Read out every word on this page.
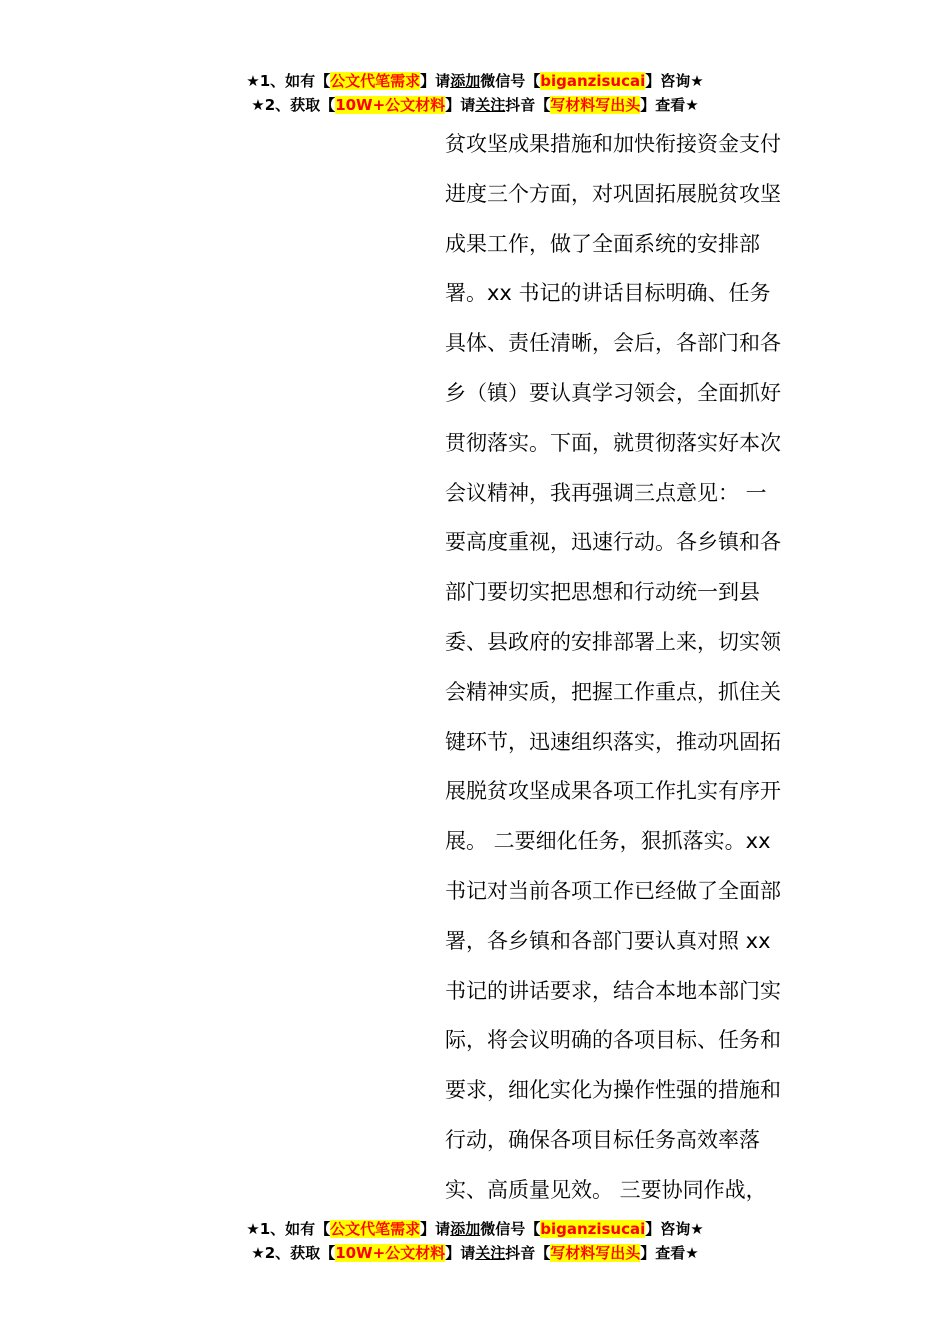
★1、如有【公文代笔需求】请添加微信号【biganzisucai】咨询★
★2、获取【10W+公文材料】请关注抖音【写材料写出头】查看★
贫攻坚成果措施和加快衔接资金支付
进度三个方面，对巩固拓展脱贫攻坚
成果工作，做了全面系统的安排部
署。xx 书记的讲话目标明确、任务
具体、责任清晰，会后，各部门和各
乡（镇）要认真学习领会，全面抓好
贯彻落实。下面，就贯彻落实好本次
会议精神，我再强调三点意见： 一
要高度重视，迅速行动。各乡镇和各
部门要切实把思想和行动统一到县
委、县政府的安排部署上来，切实领
会精神实质，把握工作重点，抓住关
键环节，迅速组织落实，推动巩固拓
展脱贫攻坚成果各项工作扎实有序开
展。 二要细化任务，狠抓落实。xx
书记对当前各项工作已经做了全面部
署，各乡镇和各部门要认真对照 xx
书记的讲话要求，结合本地本部门实
际，将会议明确的各项目标、任务和
要求，细化实化为操作性强的措施和
行动，确保各项目标任务高效率落
实、高质量见效。 三要协同作战，
★1、如有【公文代笔需求】请添加微信号【biganzisucai】咨询★
★2、获取【10W+公文材料】请关注抖音【写材料写出头】查看★
